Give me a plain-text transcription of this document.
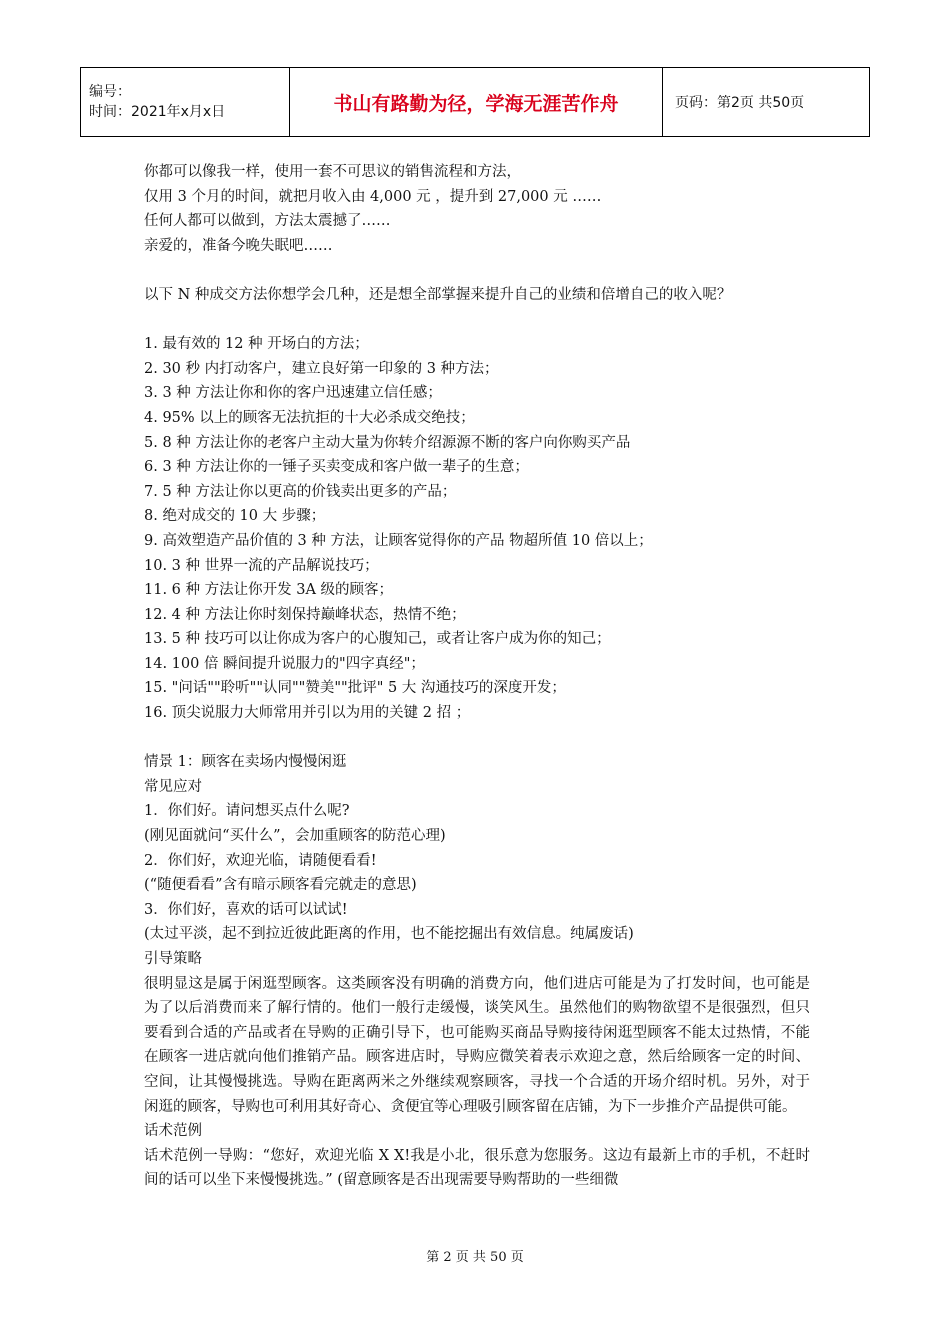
编号：
时间：2021年x月x日	书山有路勤为径，学海无涯苦作舟	页码：第2页 共50页

你都可以像我一样，使用一套不可思议的销售流程和方法，

仅用 3 个月的时间，就把月收入由 4,000 元 ，提升到 27,000 元 ……

任何人都可以做到，方法太震撼了……

亲爱的，准备今晚失眠吧……

以下 N 种成交方法你想学会几种，还是想全部掌握来提升自己的业绩和倍增自己的收入呢？

1. 最有效的 12 种 开场白的方法；

2. 30 秒 内打动客户，建立良好第一印象的 3 种方法；

3. 3 种 方法让你和你的客户迅速建立信任感；

4. 95% 以上的顾客无法抗拒的十大必杀成交绝技；

5. 8 种 方法让你的老客户主动大量为你转介绍源源不断的客户向你购买产品

6. 3 种 方法让你的一锤子买卖变成和客户做一辈子的生意；

7. 5 种 方法让你以更高的价钱卖出更多的产品；

8. 绝对成交的 10 大 步骤；

9. 高效塑造产品价值的 3 种 方法，让顾客觉得你的产品 物超所值 10 倍以上；

10. 3 种 世界一流的产品解说技巧；

11. 6 种 方法让你开发 3A 级的顾客；

12. 4 种 方法让你时刻保持巅峰状态，热情不绝；

13. 5 种 技巧可以让你成为客户的心腹知己，或者让客户成为你的知己；

14. 100 倍 瞬间提升说服力的"四字真经"；

15. "问话""聆听""认同""赞美""批评" 5 大 沟通技巧的深度开发；

16. 顶尖说服力大师常用并引以为用的关键 2 招 ；

情景 1：顾客在卖场内慢慢闲逛

常见应对

1．你们好。请问想买点什么呢?

(刚见面就问“买什么”，会加重顾客的防范心理)

2．你们好，欢迎光临，请随便看看!

(“随便看看”含有暗示顾客看完就走的意思)

3．你们好，喜欢的话可以试试!

(太过平淡，起不到拉近彼此距离的作用，也不能挖掘出有效信息。纯属废话)

引导策略

很明显这是属于闲逛型顾客。这类顾客没有明确的消费方向，他们进店可能是为了打发时间，也可能是为了以后消费而来了解行情的。他们一般行走缓慢，谈笑风生。虽然他们的购物欲望不是很强烈，但只要看到合适的产品或者在导购的正确引导下，也可能购买商品导购接待闲逛型顾客不能太过热情，不能在顾客一进店就向他们推销产品。顾客进店时，导购应微笑着表示欢迎之意，然后给顾客一定的时间、空间，让其慢慢挑选。导购在距离两米之外继续观察顾客，寻找一个合适的开场介绍时机。另外，对于闲逛的顾客，导购也可利用其好奇心、贪便宜等心理吸引顾客留在店铺，为下一步推介产品提供可能。

话术范例

话术范例一导购：“您好，欢迎光临 X X!我是小北，很乐意为您服务。这边有最新上市的手机，不赶时间的话可以坐下来慢慢挑选。” (留意顾客是否出现需要导购帮助的一些细微

第 2 页 共 50 页
